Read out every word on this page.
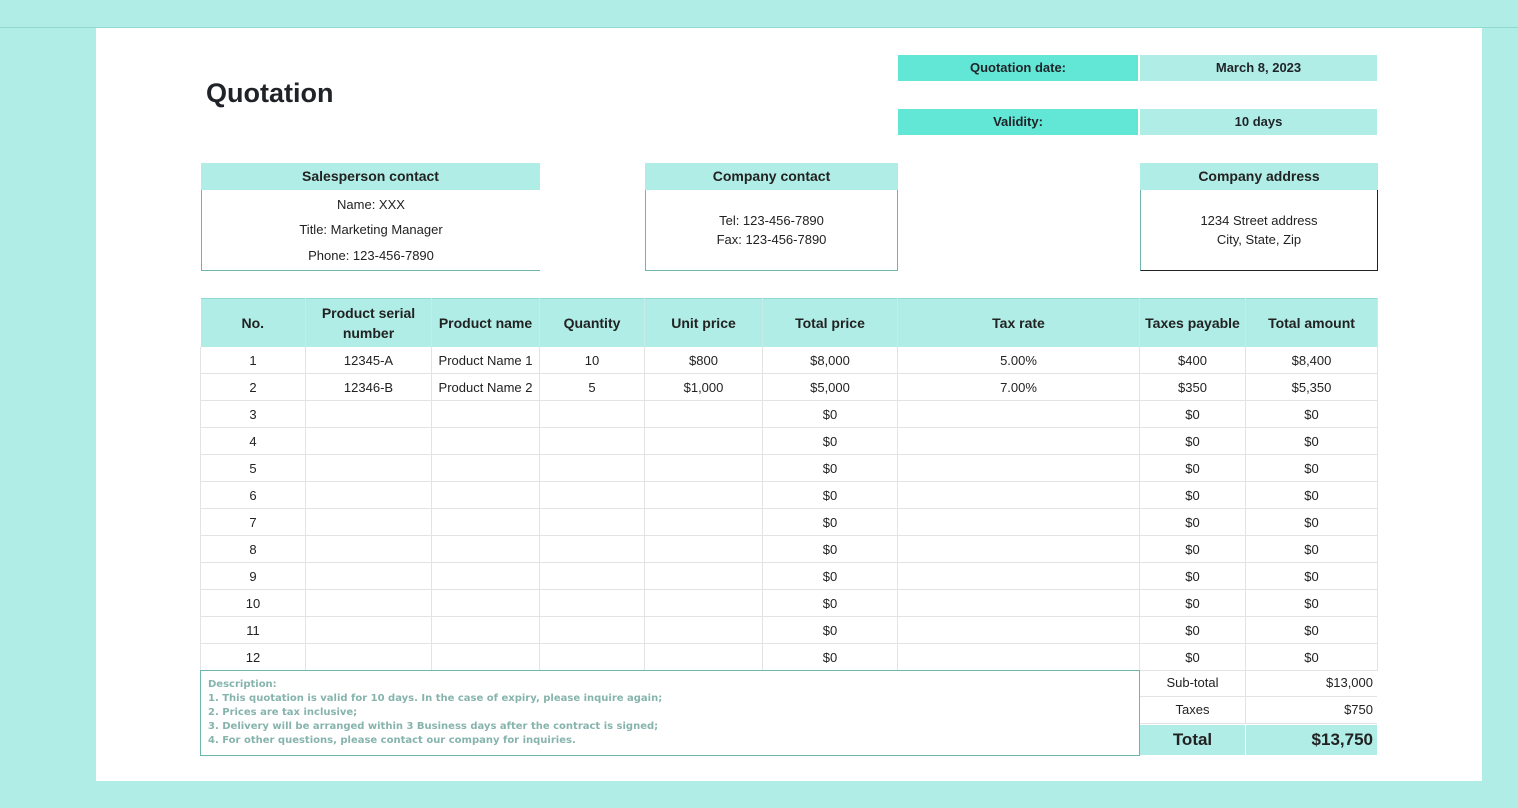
Quotation
Quotation date:	March 8, 2023
Validity:	10 days
Salesperson contact
Name: XXX
Title: Marketing Manager
Phone: 123-456-7890
Company contact
Tel: 123-456-7890
Fax: 123-456-7890
Company address
1234 Street address
City, State, Zip
No.	Product serial number	Product name	Quantity	Unit price	Total price	Tax rate	Taxes payable	Total amount
1	12345-A	Product Name 1	10	$800	$8,000	5.00%	$400	$8,400
2	12346-B	Product Name 2	5	$1,000	$5,000	7.00%	$350	$5,350
3					$0		$0	$0
4					$0		$0	$0
5					$0		$0	$0
6					$0		$0	$0
7					$0		$0	$0
8					$0		$0	$0
9					$0		$0	$0
10					$0		$0	$0
11					$0		$0	$0
12					$0		$0	$0
Description:
1. This quotation is valid for 10 days. In the case of expiry, please inquire again;
2. Prices are tax inclusive;
3. Delivery will be arranged within 3 Business days after the contract is signed;
4. For other questions, please contact our company for inquiries.
Sub-total	$13,000
Taxes	$750
Total	$13,750
